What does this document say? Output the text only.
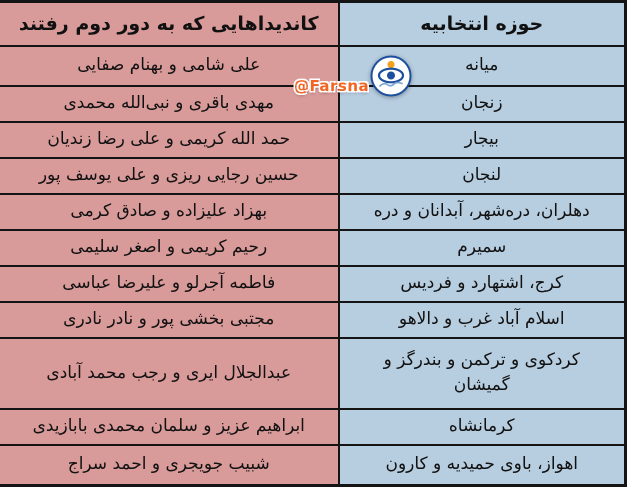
حوزه انتخابیه	کاندیداهایی که به دور دوم رفتند
میانه	علی شامی و بهنام صفایی
زنجان	مهدی باقری و نبی‌الله محمدی
بیجار	حمد الله کریمی و علی رضا زندیان
لنجان	حسین رجایی ریزی و علی یوسف پور
دهلران، دره‌شهر، آبدانان و دره	بهزاد علیزاده و صادق کرمی
سمیرم	رحیم کریمی و اصغر سلیمی
کرج، اشتهارد و فردیس	فاطمه آجرلو و علیرضا عباسی
اسلام آباد غرب و دالاهو	مجتبی بخشی پور و نادر نادری
کردکوی و ترکمن و بندرگز و گمیشان	عبدالجلال ایری و رجب محمد آبادی
کرمانشاه	ابراهیم عزیز و سلمان محمدی بابازیدی
اهواز، باوی حمیدیه و کارون	شبیب جویجری و احمد سراج
@Farsna
